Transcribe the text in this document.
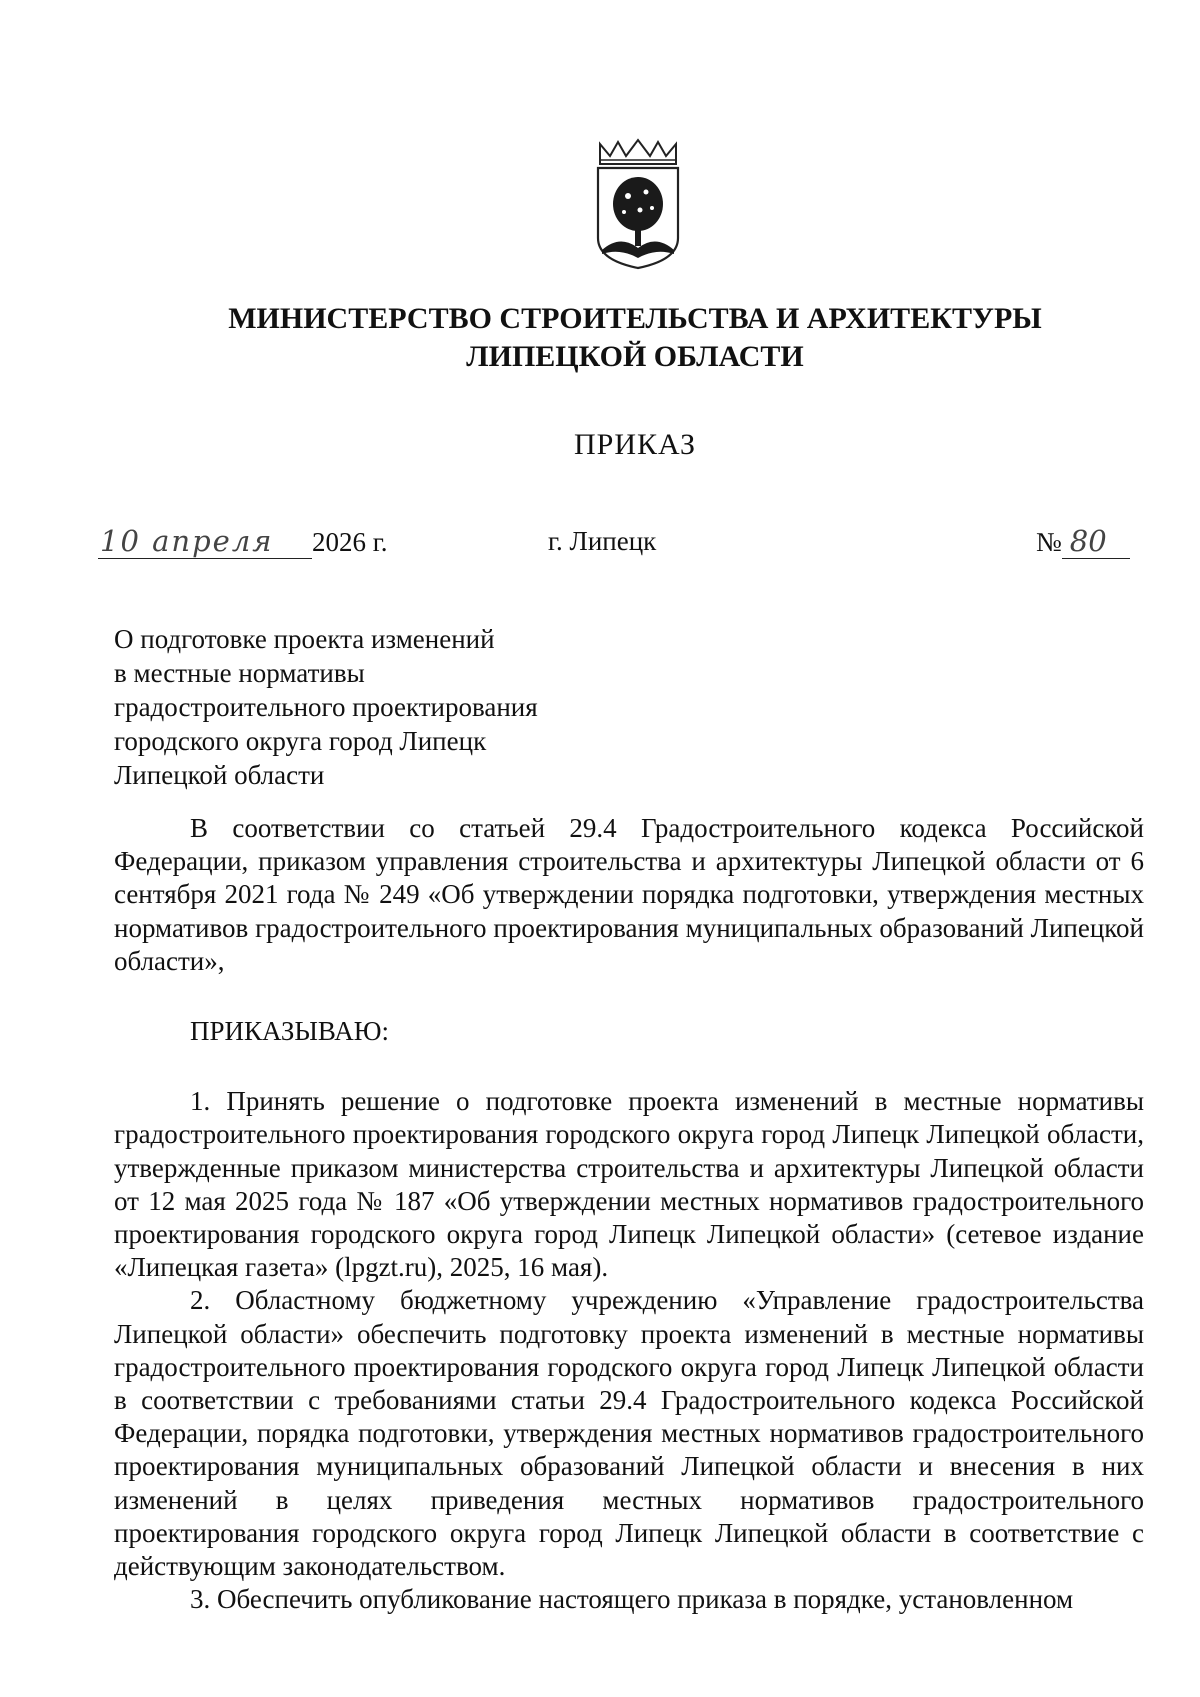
МИНИСТЕРСТВО СТРОИТЕЛЬСТВА И АРХИТЕКТУРЫ
ЛИПЕЦКОЙ ОБЛАСТИ
ПРИКАЗ
10 апреля 2026 г.	г. Липецк	№ 80
О подготовке проекта изменений
в местные нормативы
градостроительного проектирования
городского округа город Липецк
Липецкой области

В соответствии со статьей 29.4 Градостроительного кодекса Российской Федерации, приказом управления строительства и архитектуры Липецкой области от 6 сентября 2021 года № 249 «Об утверждении порядка подготовки, утверждения местных нормативов градостроительного проектирования муниципальных образований Липецкой области»,

ПРИКАЗЫВАЮ:

1. Принять решение о подготовке проекта изменений в местные нормативы градостроительного проектирования городского округа город Липецк Липецкой области, утвержденные приказом министерства строительства и архитектуры Липецкой области от 12 мая 2025 года № 187 «Об утверждении местных нормативов градостроительного проектирования городского округа город Липецк Липецкой области» (сетевое издание «Липецкая газета» (lpgzt.ru), 2025, 16 мая).

2. Областному бюджетному учреждению «Управление градостроительства Липецкой области» обеспечить подготовку проекта изменений в местные нормативы градостроительного проектирования городского округа город Липецк Липецкой области в соответствии с требованиями статьи 29.4 Градостроительного кодекса Российской Федерации, порядка подготовки, утверждения местных нормативов градостроительного проектирования муниципальных образований Липецкой области и внесения в них изменений в целях приведения местных нормативов градостроительного проектирования городского округа город Липецк Липецкой области в соответствие с действующим законодательством.

3. Обеспечить опубликование настоящего приказа в порядке, установленном
